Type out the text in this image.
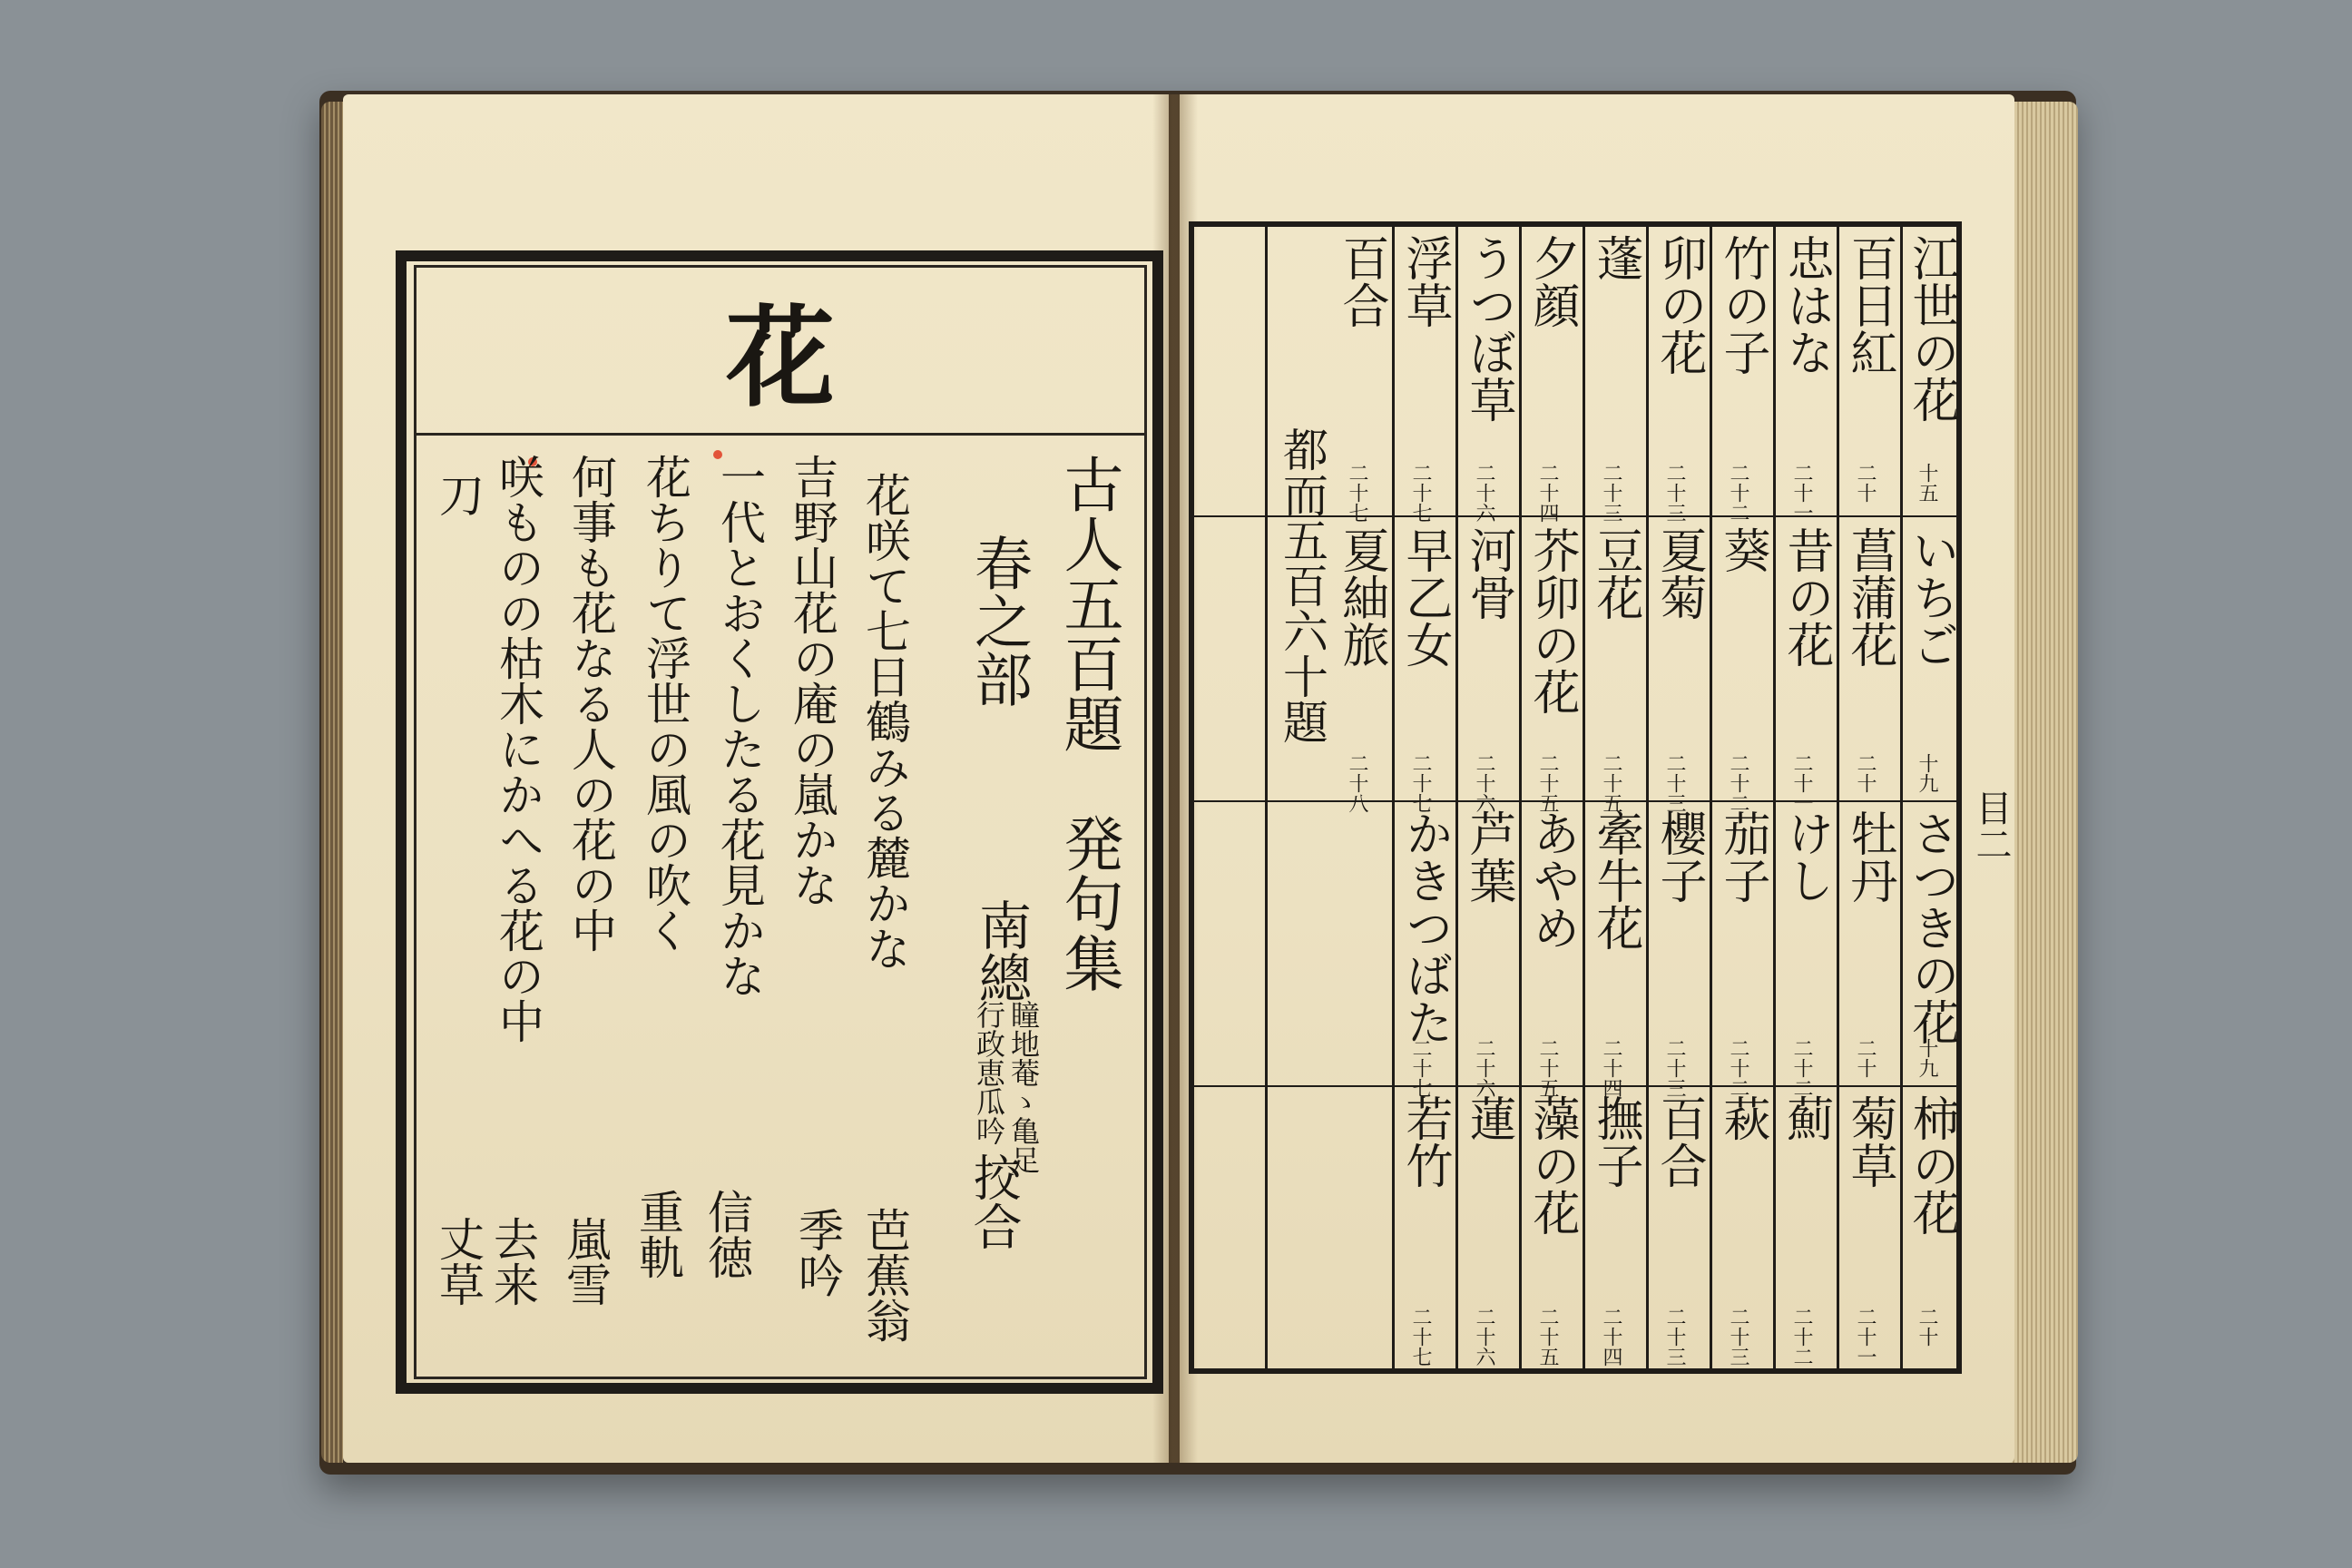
花
古人五百題　発句集
春之部
南總
瞳地菴ゝ亀足
行政恵瓜吟
挍合
花咲て七日鶴みる麓かな
芭蕉翁
吉野山花の庵の嵐かな
季吟
一代とおくしたる花見かな
信徳
花ちりて浮世の風の吹く
重軌
何事も花なる人の花の中
嵐雪
咲ものの枯木にかへる花の中
去来
刀
丈草
目二
都而五百六十題
江世の花
十五
いちご
十九
さつきの花
十九
柿の花
二十
百日紅
二十
菖蒲花
二十
牡丹
二十
菊草
二十一
忠はな
二十一
昔の花
二十一
けし
二十二
薊
二十二
竹の子
二十二
葵
二十二
茄子
二十二
萩
二十三
卯の花
二十三
夏菊
二十三
櫻子
二十三
百合
二十三
蓬
二十三
豆花
二十五
牽牛花
二十四
撫子
二十四
夕顔
二十四
芥卯の花
二十五
あやめ
二十五
藻の花
二十五
うつぼ草
二十六
河骨
二十六
芦葉
二十六
蓮
二十六
浮草
二十七
早乙女
二十七
かきつばた
二十七
若竹
二十七
百合
二十七
夏紬旅
二十八
